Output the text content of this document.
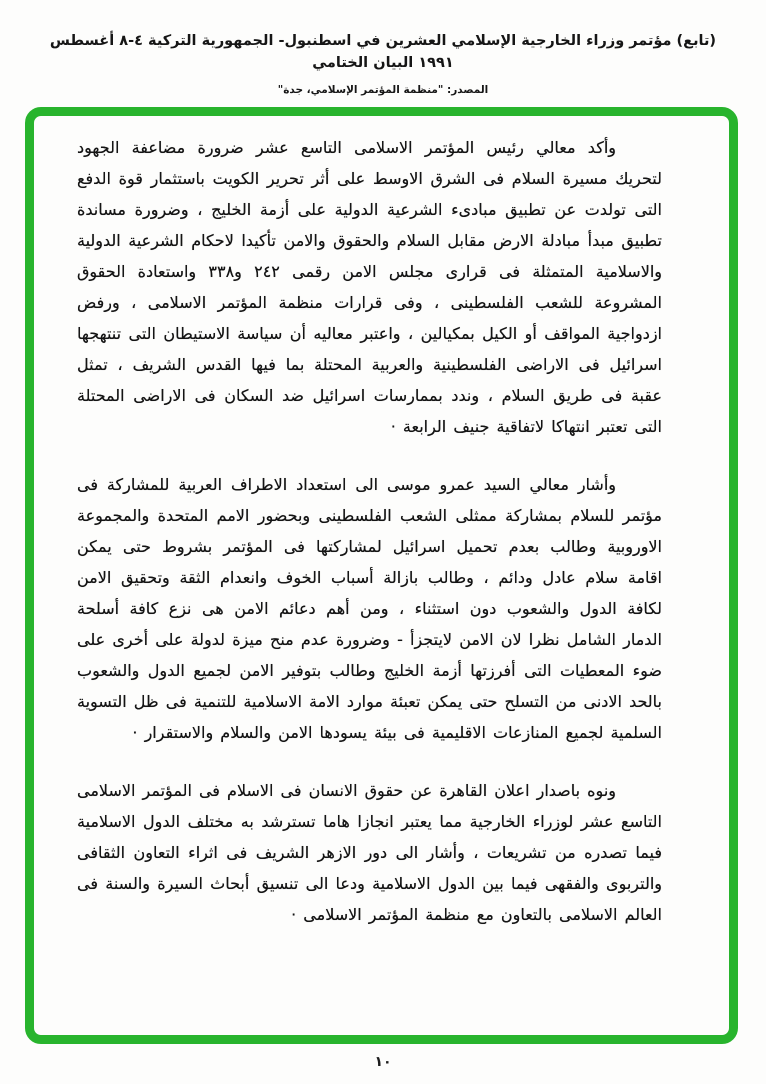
(تابع) مؤتمر وزراء الخارجية الإسلامي العشرين في اسطنبول- الجمهورية التركية ٤-٨ أغسطس ١٩٩١ البيان الختامي
المصدر: "منظمة المؤتمر الإسلامي، جدة"

وأكد معالي رئيس المؤتمر الاسلامى التاسع عشر ضرورة مضاعفة الجهود لتحريك مسيرة السلام فى الشرق الاوسط على أثر تحرير الكويت باستثمار قوة الدفع التى تولدت عن تطبيق مبادىء الشرعية الدولية على أزمة الخليج ، وضرورة مساندة تطبيق مبدأ مبادلة الارض مقابل السلام والحقوق والامن تأكيدا لاحكام الشرعية الدولية والاسلامية المتمثلة فى قرارى مجلس الامن رقمى ٢٤٢ و٣٣٨ واستعادة الحقوق المشروعة للشعب الفلسطينى ، وفى قرارات منظمة المؤتمر الاسلامى ، ورفض ازدواجية المواقف أو الكيل بمكيالين ، واعتبر معاليه أن سياسة الاستيطان التى تنتهجها اسرائيل فى الاراضى الفلسطينية والعربية المحتلة بما فيها القدس الشريف ، تمثل عقبة فى طريق السلام ، وندد بممارسات اسرائيل ضد السكان فى الاراضى المحتلة التى تعتبر انتهاكا لاتفاقية جنيف الرابعة ·

وأشار معالي السيد عمرو موسى الى استعداد الاطراف العربية للمشاركة فى مؤتمر للسلام بمشاركة ممثلى الشعب الفلسطينى وبحضور الامم المتحدة والمجموعة الاوروبية وطالب بعدم تحميل اسرائيل لمشاركتها فى المؤتمر بشروط حتى يمكن اقامة سلام عادل ودائم ، وطالب بازالة أسباب الخوف وانعدام الثقة وتحقيق الامن لكافة الدول والشعوب دون استثناء ، ومن أهم دعائم الامن هى نزع كافة أسلحة الدمار الشامل نظرا لان الامن لايتجزأ - وضرورة عدم منح ميزة لدولة على أخرى على ضوء المعطيات التى أفرزتها أزمة الخليج وطالب بتوفير الامن لجميع الدول والشعوب بالحد الادنى من التسلح حتى يمكن تعبئة موارد الامة الاسلامية للتنمية فى ظل التسوية السلمية لجميع المنازعات الاقليمية فى بيئة يسودها الامن والسلام والاستقرار ·

ونوه باصدار اعلان القاهرة عن حقوق الانسان فى الاسلام فى المؤتمر الاسلامى التاسع عشر لوزراء الخارجية مما يعتبر انجازا هاما تسترشد به مختلف الدول الاسلامية فيما تصدره من تشريعات ، وأشار الى دور الازهر الشريف فى اثراء التعاون الثقافى والتربوى والفقهى فيما بين الدول الاسلامية ودعا الى تنسيق أبحاث السيرة والسنة فى العالم الاسلامى بالتعاون مع منظمة المؤتمر الاسلامى ·

١٠
